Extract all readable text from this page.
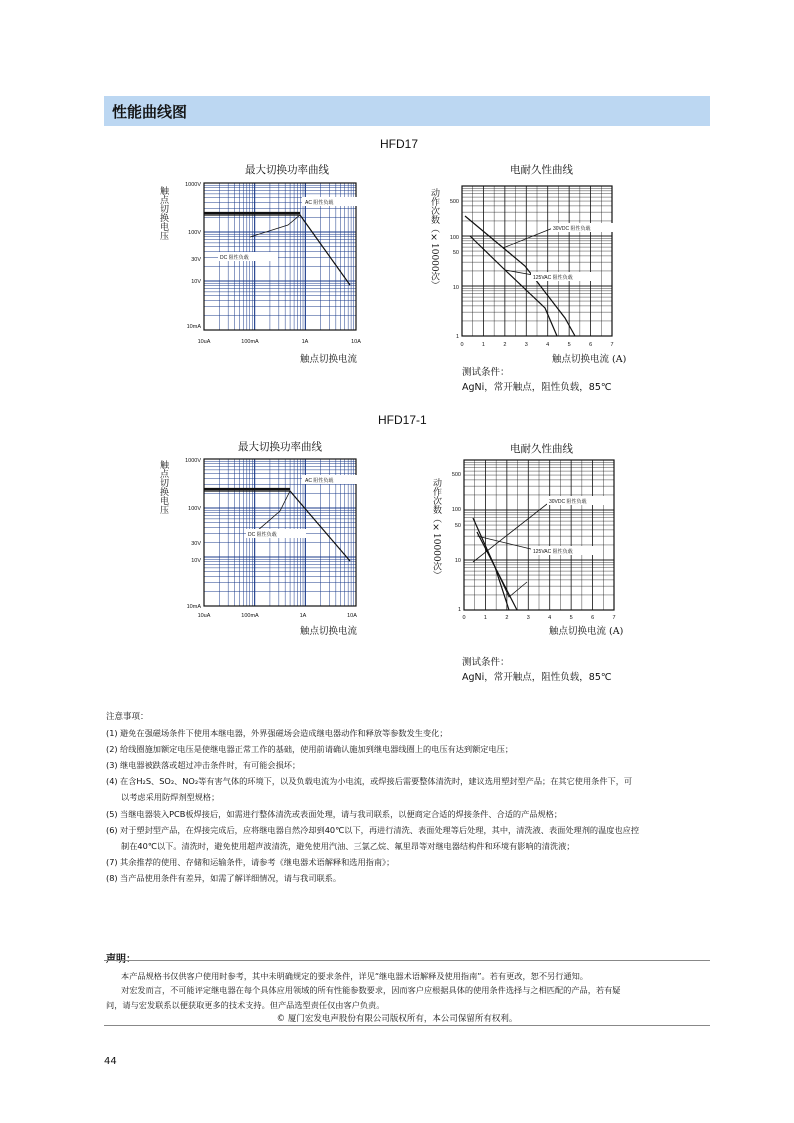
性能曲线图
HFD17
最大切换功率曲线
触点切换电压
触点切换电流
AC 阻性负载
DC 阻性负载
1000V
100V
30V
10V
10mA
10uA	100mA	1A	10A
电耐久性曲线
动作次数（×10000次）
触点切换电流 (A)
30VDC 阻性负载
125VAC 阻性负载
500
100
50
10
1
0	1	2	3	4	5	6	7
测试条件：
AgNi，常开触点，阻性负载，85℃
HFD17-1
最大切换功率曲线
触点切换电压
触点切换电流
AC 阻性负载
DC 阻性负载
1000V
100V
30V
10V
10mA
10uA	100mA	1A	10A
电耐久性曲线
动作次数（×10000次）
触点切换电流 (A)
30VDC 阻性负载
125VAC 阻性负载
500
100
50
10
1
0	1	2	3	4	5	6	7
测试条件：
AgNi，常开触点，阻性负载，85℃
注意事项：
(1) 避免在强磁场条件下使用本继电器，外界强磁场会造成继电器动作和释放等参数发生变化；
(2) 给线圈施加额定电压是使继电器正常工作的基础，使用前请确认施加到继电器线圈上的电压有达到额定电压；
(3) 继电器被跌落或超过冲击条件时，有可能会损坏；
(4) 在含H₂S、SO₂、NO₂等有害气体的环境下，以及负载电流为小电流，或焊接后需要整体清洗时，建议选用塑封型产品；在其它使用条件下，可
以考虑采用防焊剂型规格；
(5) 当继电器装入PCB板焊接后，如需进行整体清洗或表面处理，请与我司联系，以便商定合适的焊接条件、合适的产品规格；
(6) 对于塑封型产品，在焊接完成后，应将继电器自然冷却到40℃以下，再进行清洗、表面处理等后处理，其中，清洗液、表面处理剂的温度也应控
制在40℃以下。清洗时，避免使用超声波清洗，避免使用汽油、三氯乙烷、氟里昂等对继电器结构件和环境有影响的清洗液；
(7) 其余推荐的使用、存储和运输条件，请参考《继电器术语解释和选用指南》；
(8) 当产品使用条件有差异，如需了解详细情况，请与我司联系。
本产品规格书仅供客户使用时参考，其中未明确规定的要求条件，详见“继电器术语解释及使用指南”。若有更改，恕不另行通知。
对宏发而言，不可能评定继电器在每个具体应用领域的所有性能参数要求，因而客户应根据具体的使用条件选择与之相匹配的产品，若有疑
问，请与宏发联系以便获取更多的技术支持。但产品选型责任仅由客户负责。
© 厦门宏发电声股份有限公司版权所有，本公司保留所有权利。
44
